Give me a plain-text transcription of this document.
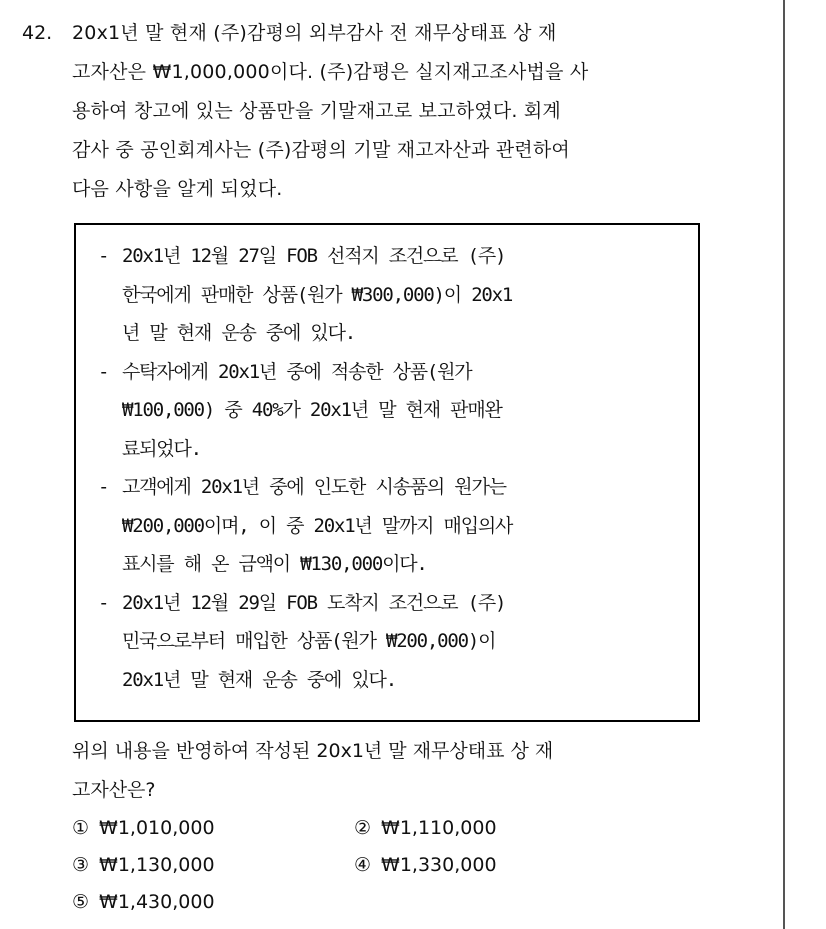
42. 20x1년 말 현재 (주)감평의 외부감사 전 재무상태표 상 재
고자산은 ₩1,000,000이다. (주)감평은 실지재고조사법을 사
용하여 창고에 있는 상품만을 기말재고로 보고하였다. 회계
감사 중 공인회계사는 (주)감평의 기말 재고자산과 관련하여
다음 사항을 알게 되었다.
- 20x1년 12월 27일 FOB 선적지 조건으로 (주)
한국에게 판매한 상품(원가 ₩300,000)이 20x1
년 말 현재 운송 중에 있다.
- 수탁자에게 20x1년 중에 적송한 상품(원가
₩100,000) 중 40%가 20x1년 말 현재 판매완
료되었다.
- 고객에게 20x1년 중에 인도한 시송품의 원가는
₩200,000이며, 이 중 20x1년 말까지 매입의사
표시를 해 온 금액이 ₩130,000이다.
- 20x1년 12월 29일 FOB 도착지 조건으로 (주)
민국으로부터 매입한 상품(원가 ₩200,000)이
20x1년 말 현재 운송 중에 있다.
위의 내용을 반영하여 작성된 20x1년 말 재무상태표 상 재
고자산은?
① ₩1,010,000	② ₩1,110,000
③ ₩1,130,000	④ ₩1,330,000
⑤ ₩1,430,000
